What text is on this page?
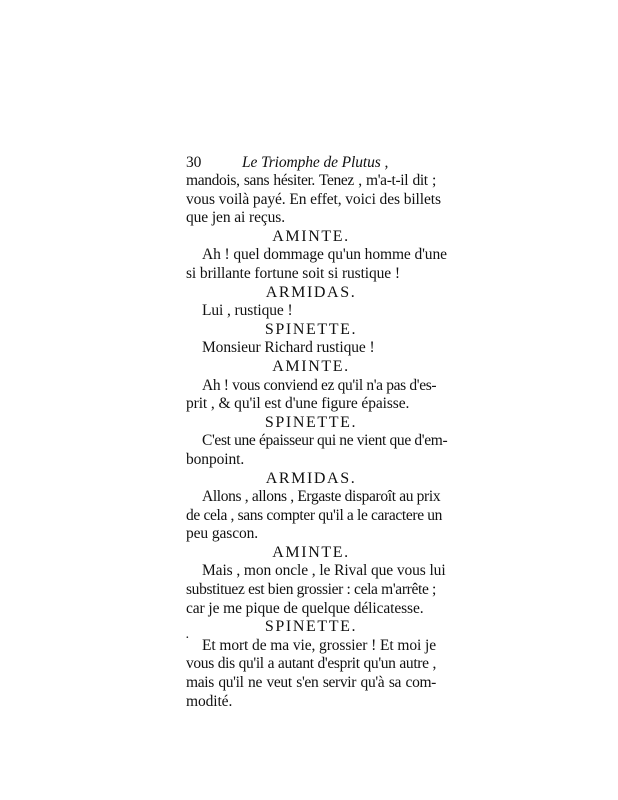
30	Le Triomphe de Plutus ,
mandois, sans hésiter. Tenez , m'a-t-il dit ;
vous voilà payé. En effet, voici des billets
que jen ai reçus.
AMINTE.
Ah ! quel dommage qu'un homme d'une
si brillante fortune soit si rustique !
ARMIDAS.
Lui , rustique !
SPINETTE.
Monsieur Richard rustique !
AMINTE.
Ah ! vous conviend ez qu'il n'a pas d'es-
prit , & qu'il est d'une figure épaisse.
SPINETTE.
C'est une épaisseur qui ne vient que d'em-
bonpoint.
ARMIDAS.
Allons , allons , Ergaste disparoît au prix
de cela , sans compter qu'il a le caractere un
peu gascon.
AMINTE.
Mais , mon oncle , le Rival que vous lui
substituez est bien grossier : cela m'arrête ;
car je me pique de quelque délicatesse.
SPINETTE.
Et mort de ma vie, grossier ! Et moi je
vous dis qu'il a autant d'esprit qu'un autre ,
mais qu'il ne veut s'en servir qu'à sa com-
modité.
·
